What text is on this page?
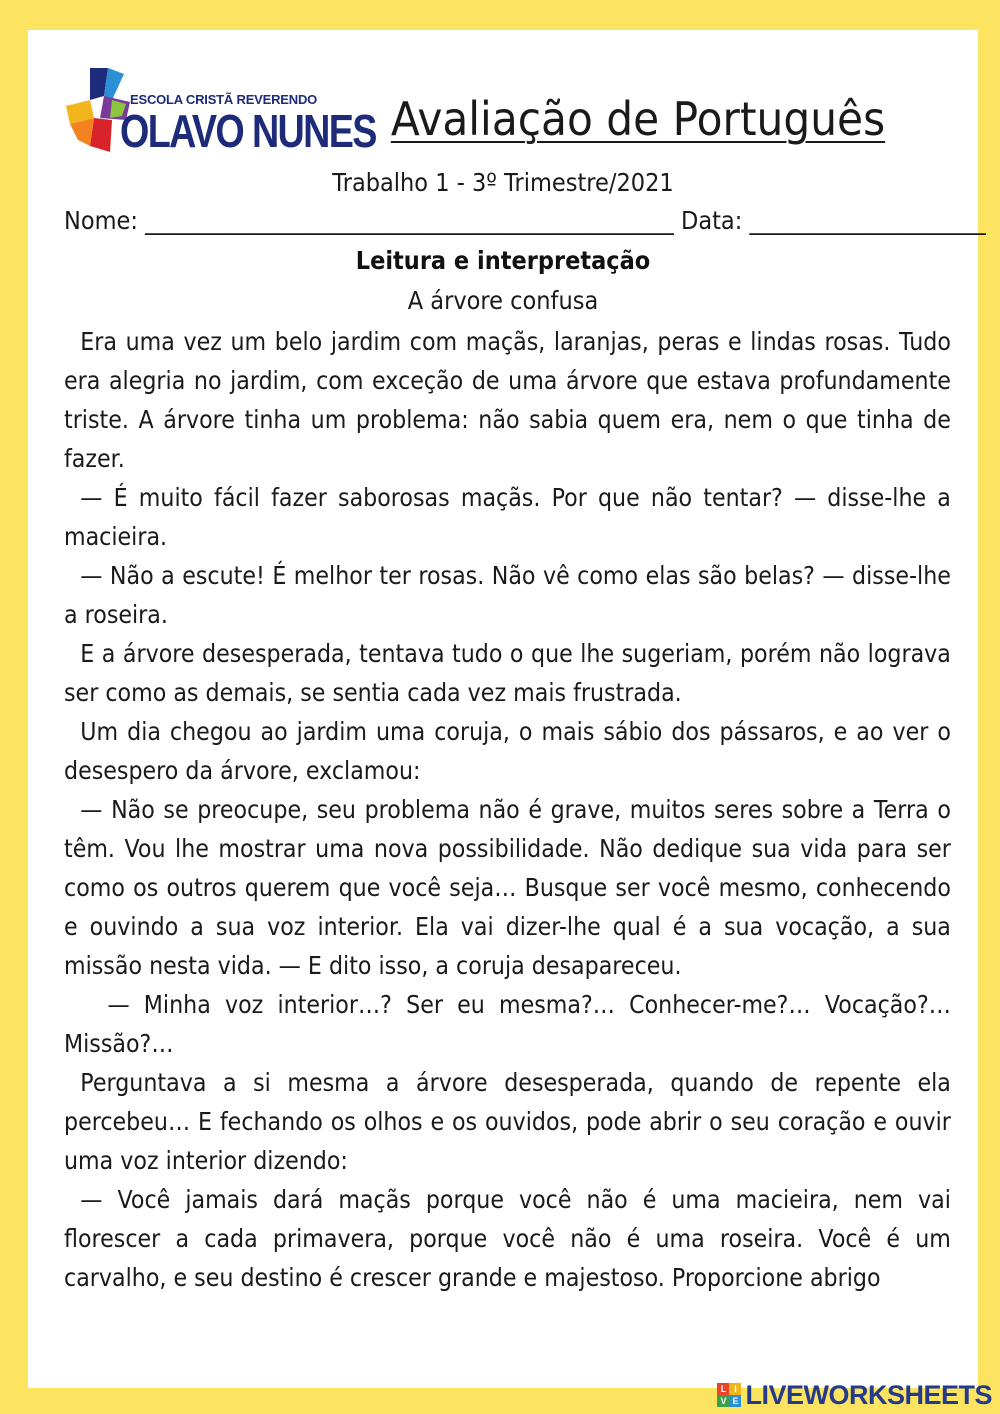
ESCOLA CRISTÃ REVERENDO
OLAVO NUNES Avaliação de Português
Trabalho 1 - 3º Trimestre/2021
Nome: _______________________________________________ Data: _____________________
Leitura e interpretação
A árvore confusa

Era uma vez um belo jardim com maçãs, laranjas, peras e lindas rosas. Tudo era alegria no jardim, com exceção de uma árvore que estava profundamente triste. A árvore tinha um problema: não sabia quem era, nem o que tinha de fazer.

— É muito fácil fazer saborosas maçãs. Por que não tentar? — disse-lhe a macieira.

— Não a escute! É melhor ter rosas. Não vê como elas são belas? — disse-lhe a roseira.

E a árvore desesperada, tentava tudo o que lhe sugeriam, porém não lograva ser como as demais, se sentia cada vez mais frustrada.

Um dia chegou ao jardim uma coruja, o mais sábio dos pássaros, e ao ver o desespero da árvore, exclamou:

— Não se preocupe, seu problema não é grave, muitos seres sobre a Terra o têm. Vou lhe mostrar uma nova possibilidade. Não dedique sua vida para ser como os outros querem que você seja… Busque ser você mesmo, conhecendo e ouvindo a sua voz interior. Ela vai dizer-lhe qual é a sua vocação, a sua missão nesta vida. — E dito isso, a coruja desapareceu.

— Minha voz interior…? Ser eu mesma?… Conhecer-me?… Vocação?… Missão?…

Perguntava a si mesma a árvore desesperada, quando de repente ela percebeu… E fechando os olhos e os ouvidos, pode abrir o seu coração e ouvir uma voz interior dizendo:

— Você jamais dará maçãs porque você não é uma macieira, nem vai florescer a cada primavera, porque você não é uma roseira. Você é um carvalho, e seu destino é crescer grande e majestoso. Proporcione abrigo

L I
V E LIVEWORKSHEETS
